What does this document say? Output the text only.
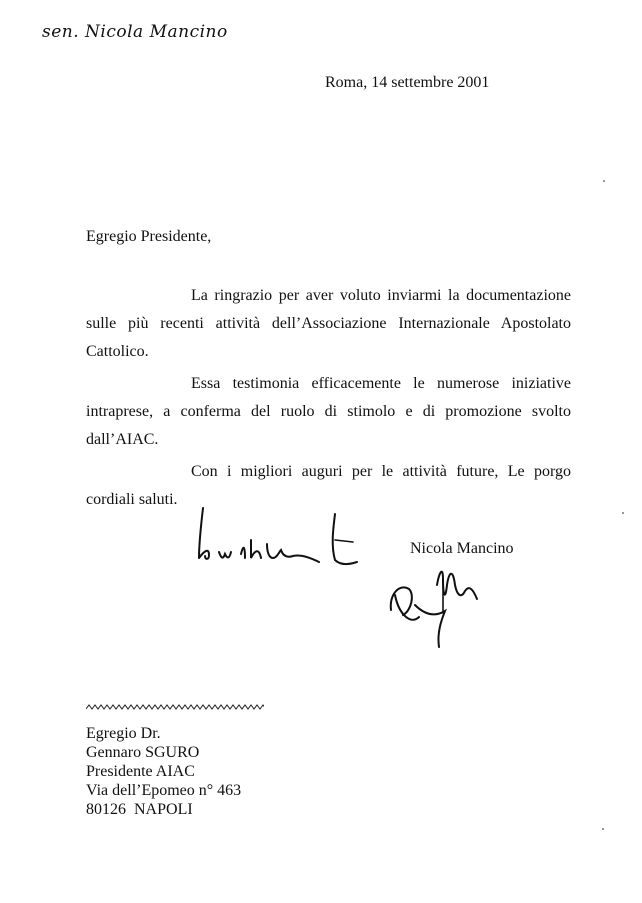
sen. Nicola Mancino
Roma, 14 settembre 2001
Egregio Presidente,

La ringrazio per aver voluto inviarmi la documentazione sulle più recenti attività dell’Associazione Internazionale Apostolato Cattolico.

Essa testimonia efficacemente le numerose iniziative intraprese, a conferma del ruolo di stimolo e di promozione svolto dall’AIAC.

Con i migliori auguri per le attività future, Le porgo cordiali saluti.

Nicola Mancino
Egregio Dr.
Gennaro SGURO
Presidente AIAC
Via dell’Epomeo n° 463
80126  NAPOLI
